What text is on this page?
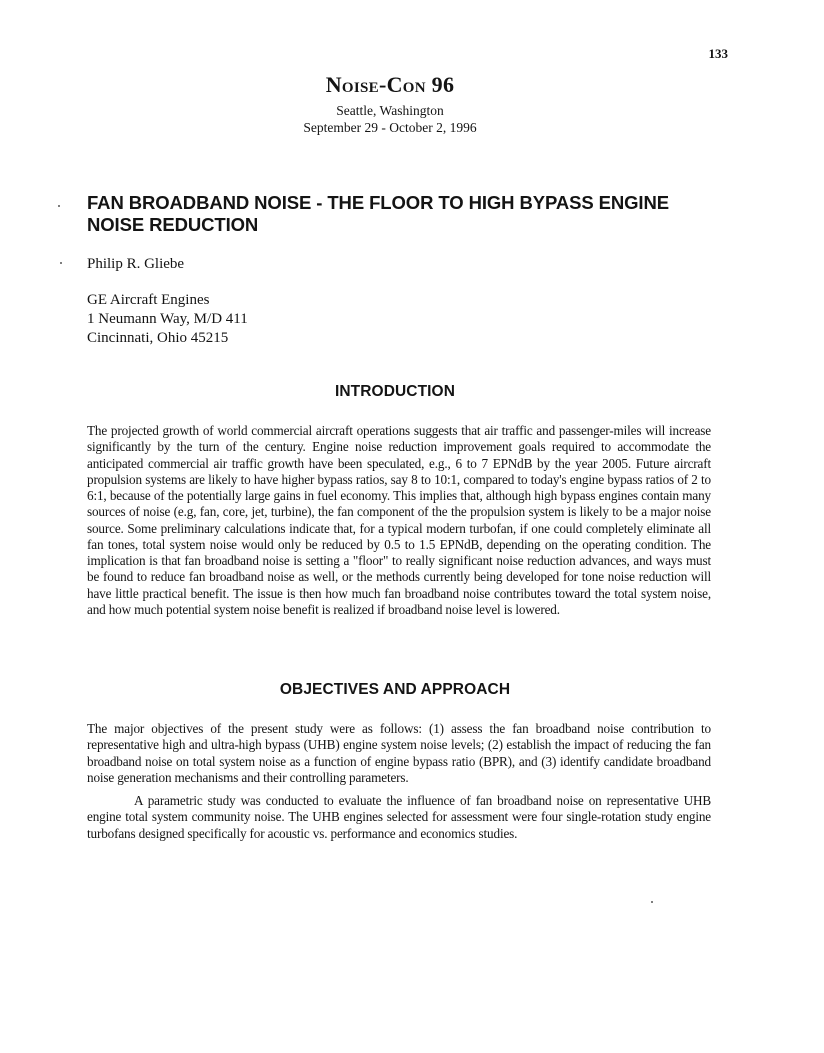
133
Noise-Con 96
Seattle, Washington
September 29 - October 2, 1996
FAN BROADBAND NOISE - THE FLOOR TO HIGH BYPASS ENGINE NOISE REDUCTION
Philip R. Gliebe
GE Aircraft Engines
1 Neumann Way, M/D 411
Cincinnati, Ohio 45215
INTRODUCTION
The projected growth of world commercial aircraft operations suggests that air traffic and passenger-miles will increase significantly by the turn of the century. Engine noise reduction improvement goals required to accommodate the anticipated commercial air traffic growth have been speculated, e.g., 6 to 7 EPNdB by the year 2005. Future aircraft propulsion systems are likely to have higher bypass ratios, say 8 to 10:1, compared to today's engine bypass ratios of 2 to 6:1, because of the potentially large gains in fuel economy. This implies that, although high bypass engines contain many sources of noise (e.g, fan, core, jet, turbine), the fan component of the the propulsion system is likely to be a major noise source. Some preliminary calculations indicate that, for a typical modern turbofan, if one could completely eliminate all fan tones, total system noise would only be reduced by 0.5 to 1.5 EPNdB, depending on the operating condition. The implication is that fan broadband noise is setting a "floor" to really significant noise reduction advances, and ways must be found to reduce fan broadband noise as well, or the methods currently being developed for tone noise reduction will have little practical benefit. The issue is then how much fan broadband noise contributes toward the total system noise, and how much potential system noise benefit is realized if broadband noise level is lowered.
OBJECTIVES AND APPROACH
The major objectives of the present study were as follows: (1) assess the fan broadband noise contribution to representative high and ultra-high bypass (UHB) engine system noise levels; (2) establish the impact of reducing the fan broadband noise on total system noise as a function of engine bypass ratio (BPR), and (3) identify candidate broadband noise generation mechanisms and their controlling parameters.
A parametric study was conducted to evaluate the influence of fan broadband noise on representative UHB engine total system community noise. The UHB engines selected for assessment were four single-rotation study engine turbofans designed specifically for acoustic vs. performance and economics studies.
